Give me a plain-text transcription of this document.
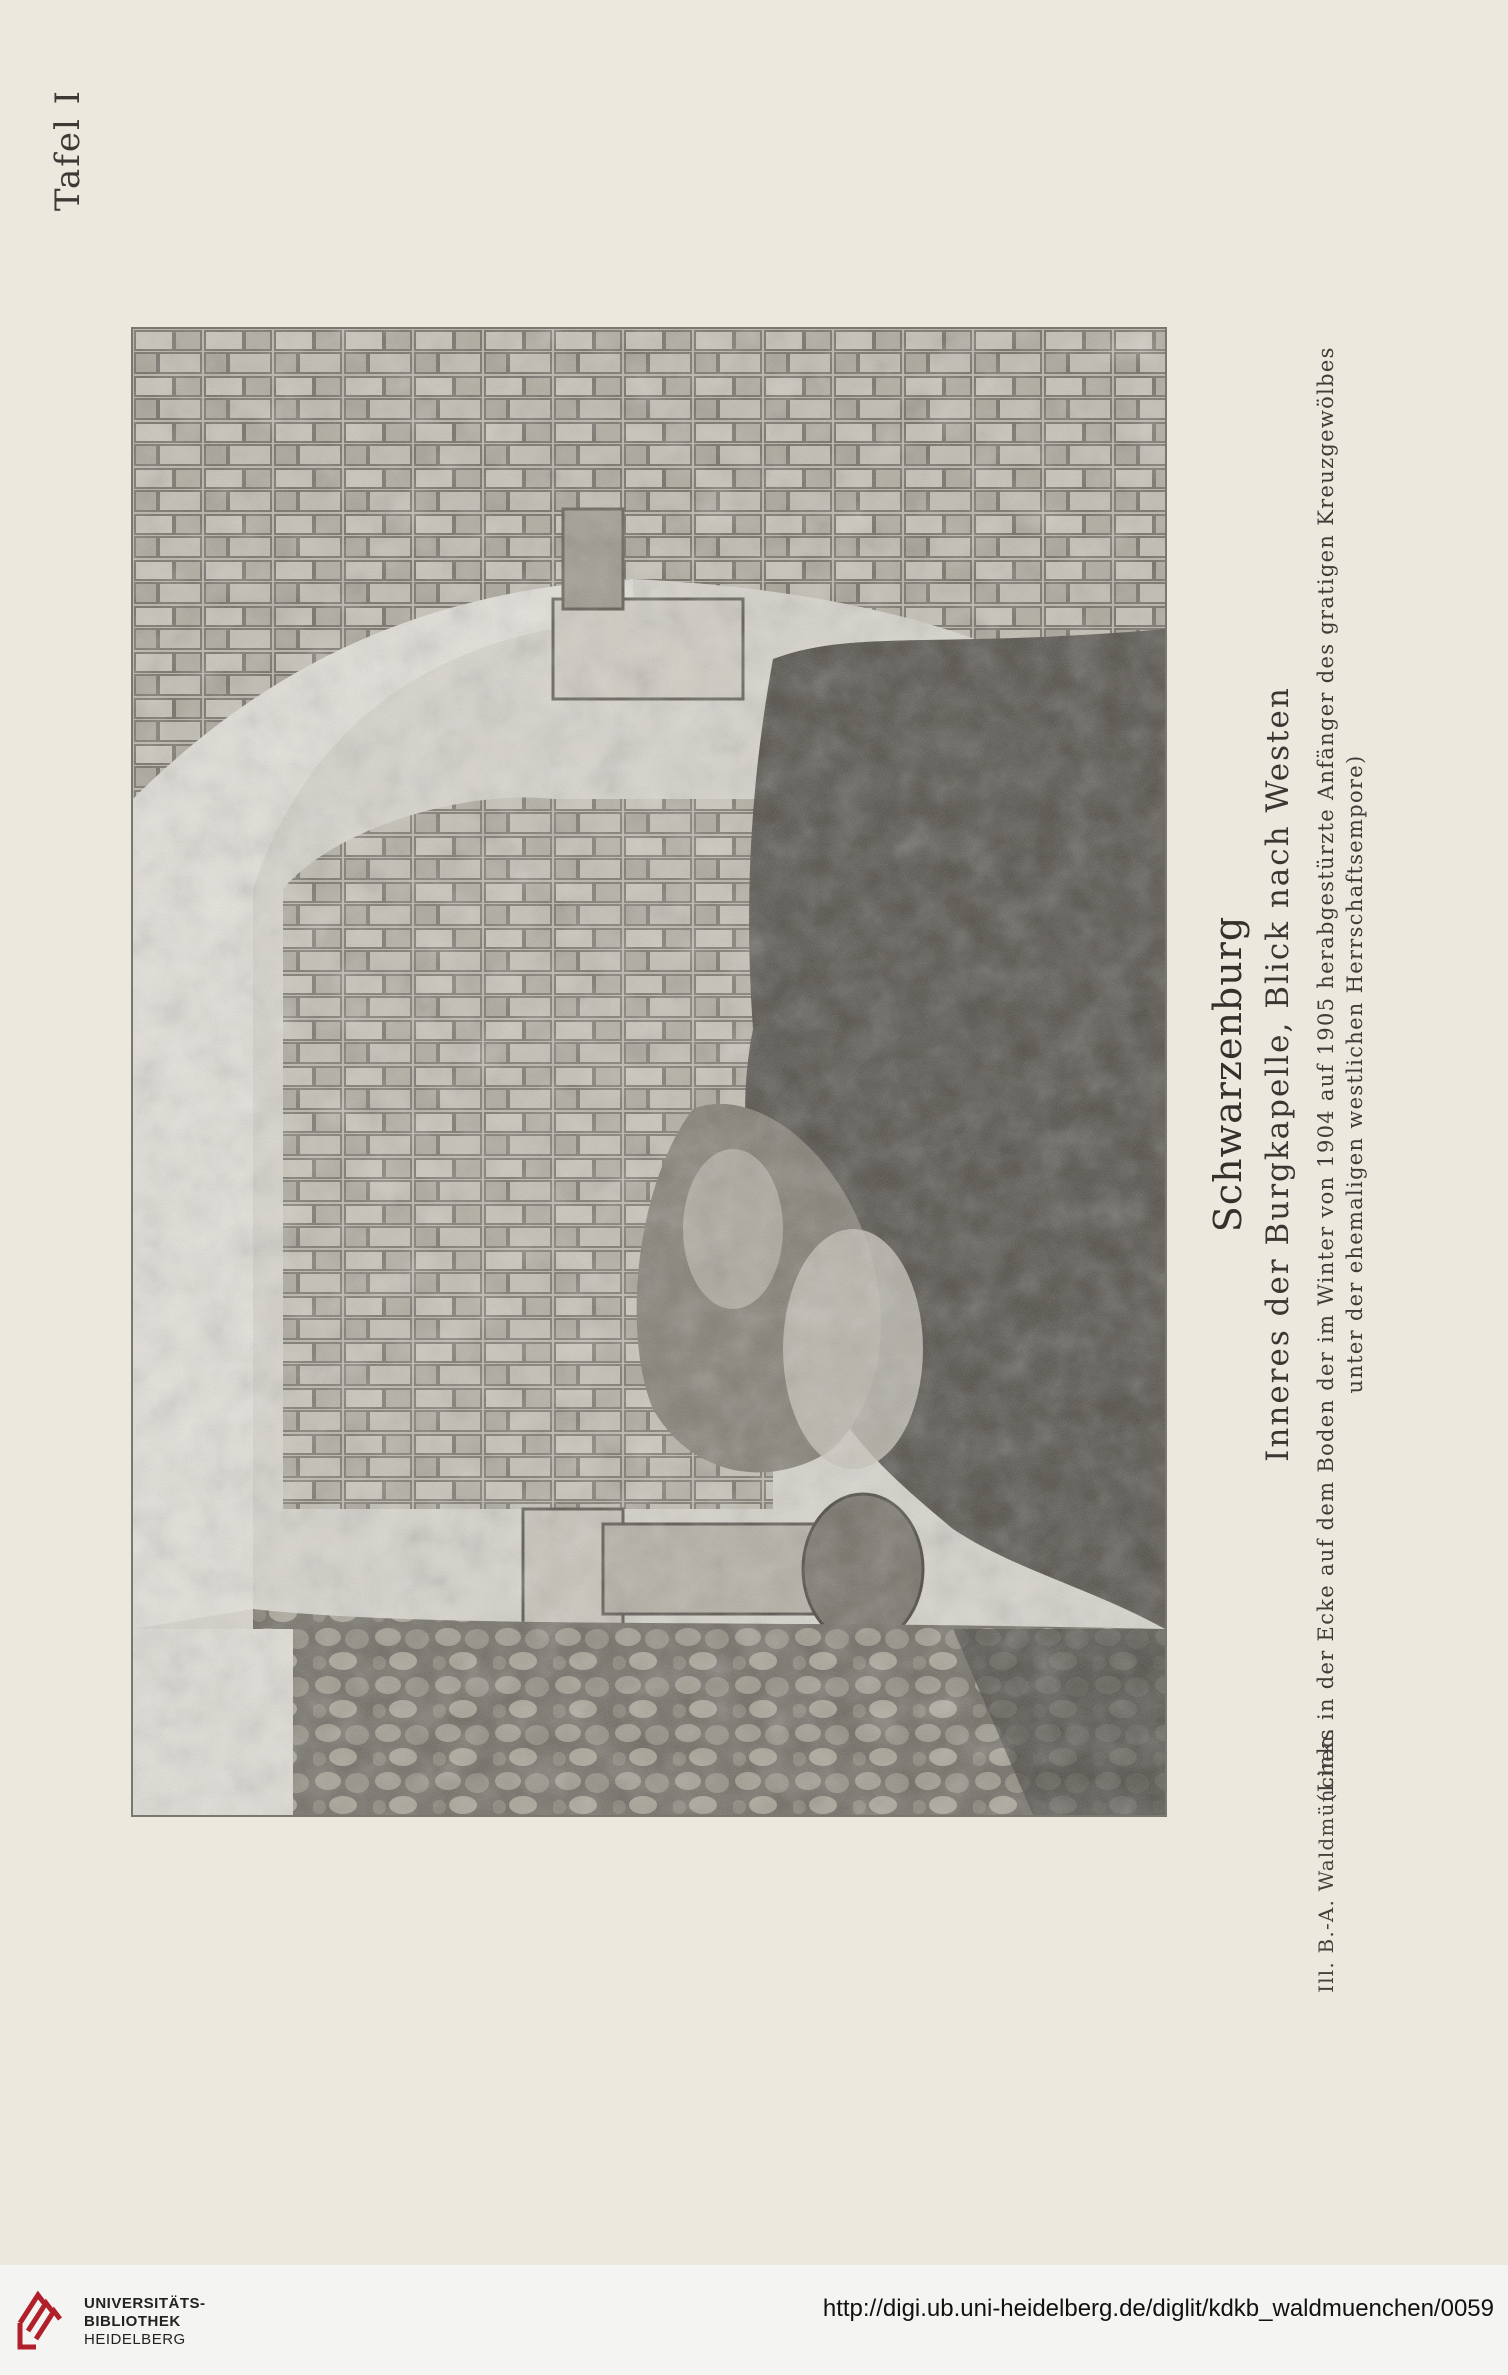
Tafel I
Schwarzenburg Inneres der Burgkapelle, Blick nach Westen (Links in der Ecke auf dem Boden der im Winter von 1904 auf 1905 herabgestürzte Anfänger des gratigen Kreuzgewölbes unter der ehemaligen westlichen Herrschaftsempore)
Ill. B.-A. Waldmünchen.
UNIVERSITÄTS-
BIBLIOTHEK
HEIDELBERG
http://digi.ub.uni-heidelberg.de/diglit/kdkb_waldmuenchen/0059
